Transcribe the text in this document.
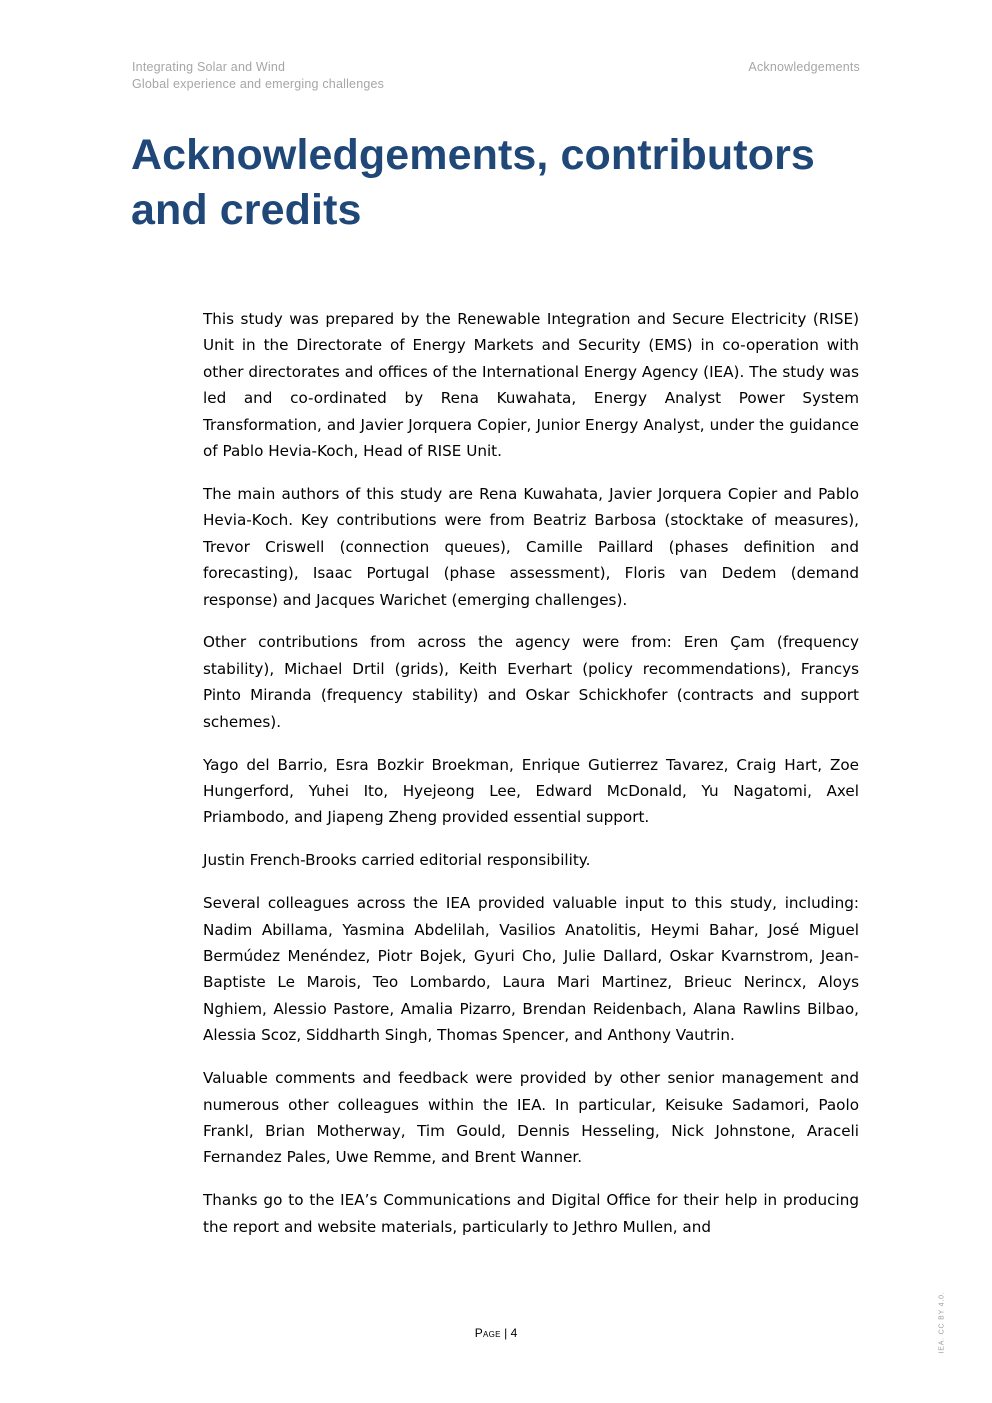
Integrating Solar and Wind
Global experience and emerging challenges
Acknowledgements
Acknowledgements, contributors
and credits

This study was prepared by the Renewable Integration and Secure Electricity (RISE) Unit in the Directorate of Energy Markets and Security (EMS) in co-operation with other directorates and offices of the International Energy Agency (IEA). The study was led and co-ordinated by Rena Kuwahata, Energy Analyst Power System Transformation, and Javier Jorquera Copier, Junior Energy Analyst, under the guidance of Pablo Hevia-Koch, Head of RISE Unit.

The main authors of this study are Rena Kuwahata, Javier Jorquera Copier and Pablo Hevia-Koch. Key contributions were from Beatriz Barbosa (stocktake of measures), Trevor Criswell (connection queues), Camille Paillard (phases definition and forecasting), Isaac Portugal (phase assessment), Floris van Dedem (demand response) and Jacques Warichet (emerging challenges).

Other contributions from across the agency were from: Eren Çam (frequency stability), Michael Drtil (grids), Keith Everhart (policy recommendations), Francys Pinto Miranda (frequency stability) and Oskar Schickhofer (contracts and support schemes).

Yago del Barrio, Esra Bozkir Broekman, Enrique Gutierrez Tavarez, Craig Hart, Zoe Hungerford, Yuhei Ito, Hyejeong Lee, Edward McDonald, Yu Nagatomi, Axel Priambodo, and Jiapeng Zheng provided essential support.

Justin French-Brooks carried editorial responsibility.

Several colleagues across the IEA provided valuable input to this study, including: Nadim Abillama, Yasmina Abdelilah, Vasilios Anatolitis, Heymi Bahar, José Miguel Bermúdez Menéndez, Piotr Bojek, Gyuri Cho, Julie Dallard, Oskar Kvarnstrom, Jean-Baptiste Le Marois, Teo Lombardo, Laura Mari Martinez, Brieuc Nerincx, Aloys Nghiem, Alessio Pastore, Amalia Pizarro, Brendan Reidenbach, Alana Rawlins Bilbao, Alessia Scoz, Siddharth Singh, Thomas Spencer, and Anthony Vautrin.

Valuable comments and feedback were provided by other senior management and numerous other colleagues within the IEA. In particular, Keisuke Sadamori, Paolo Frankl, Brian Motherway, Tim Gould, Dennis Hesseling, Nick Johnstone, Araceli Fernandez Pales, Uwe Remme, and Brent Wanner.

Thanks go to the IEA’s Communications and Digital Office for their help in producing the report and website materials, particularly to Jethro Mullen, and

Page | 4	IEA. CC BY 4.0.
